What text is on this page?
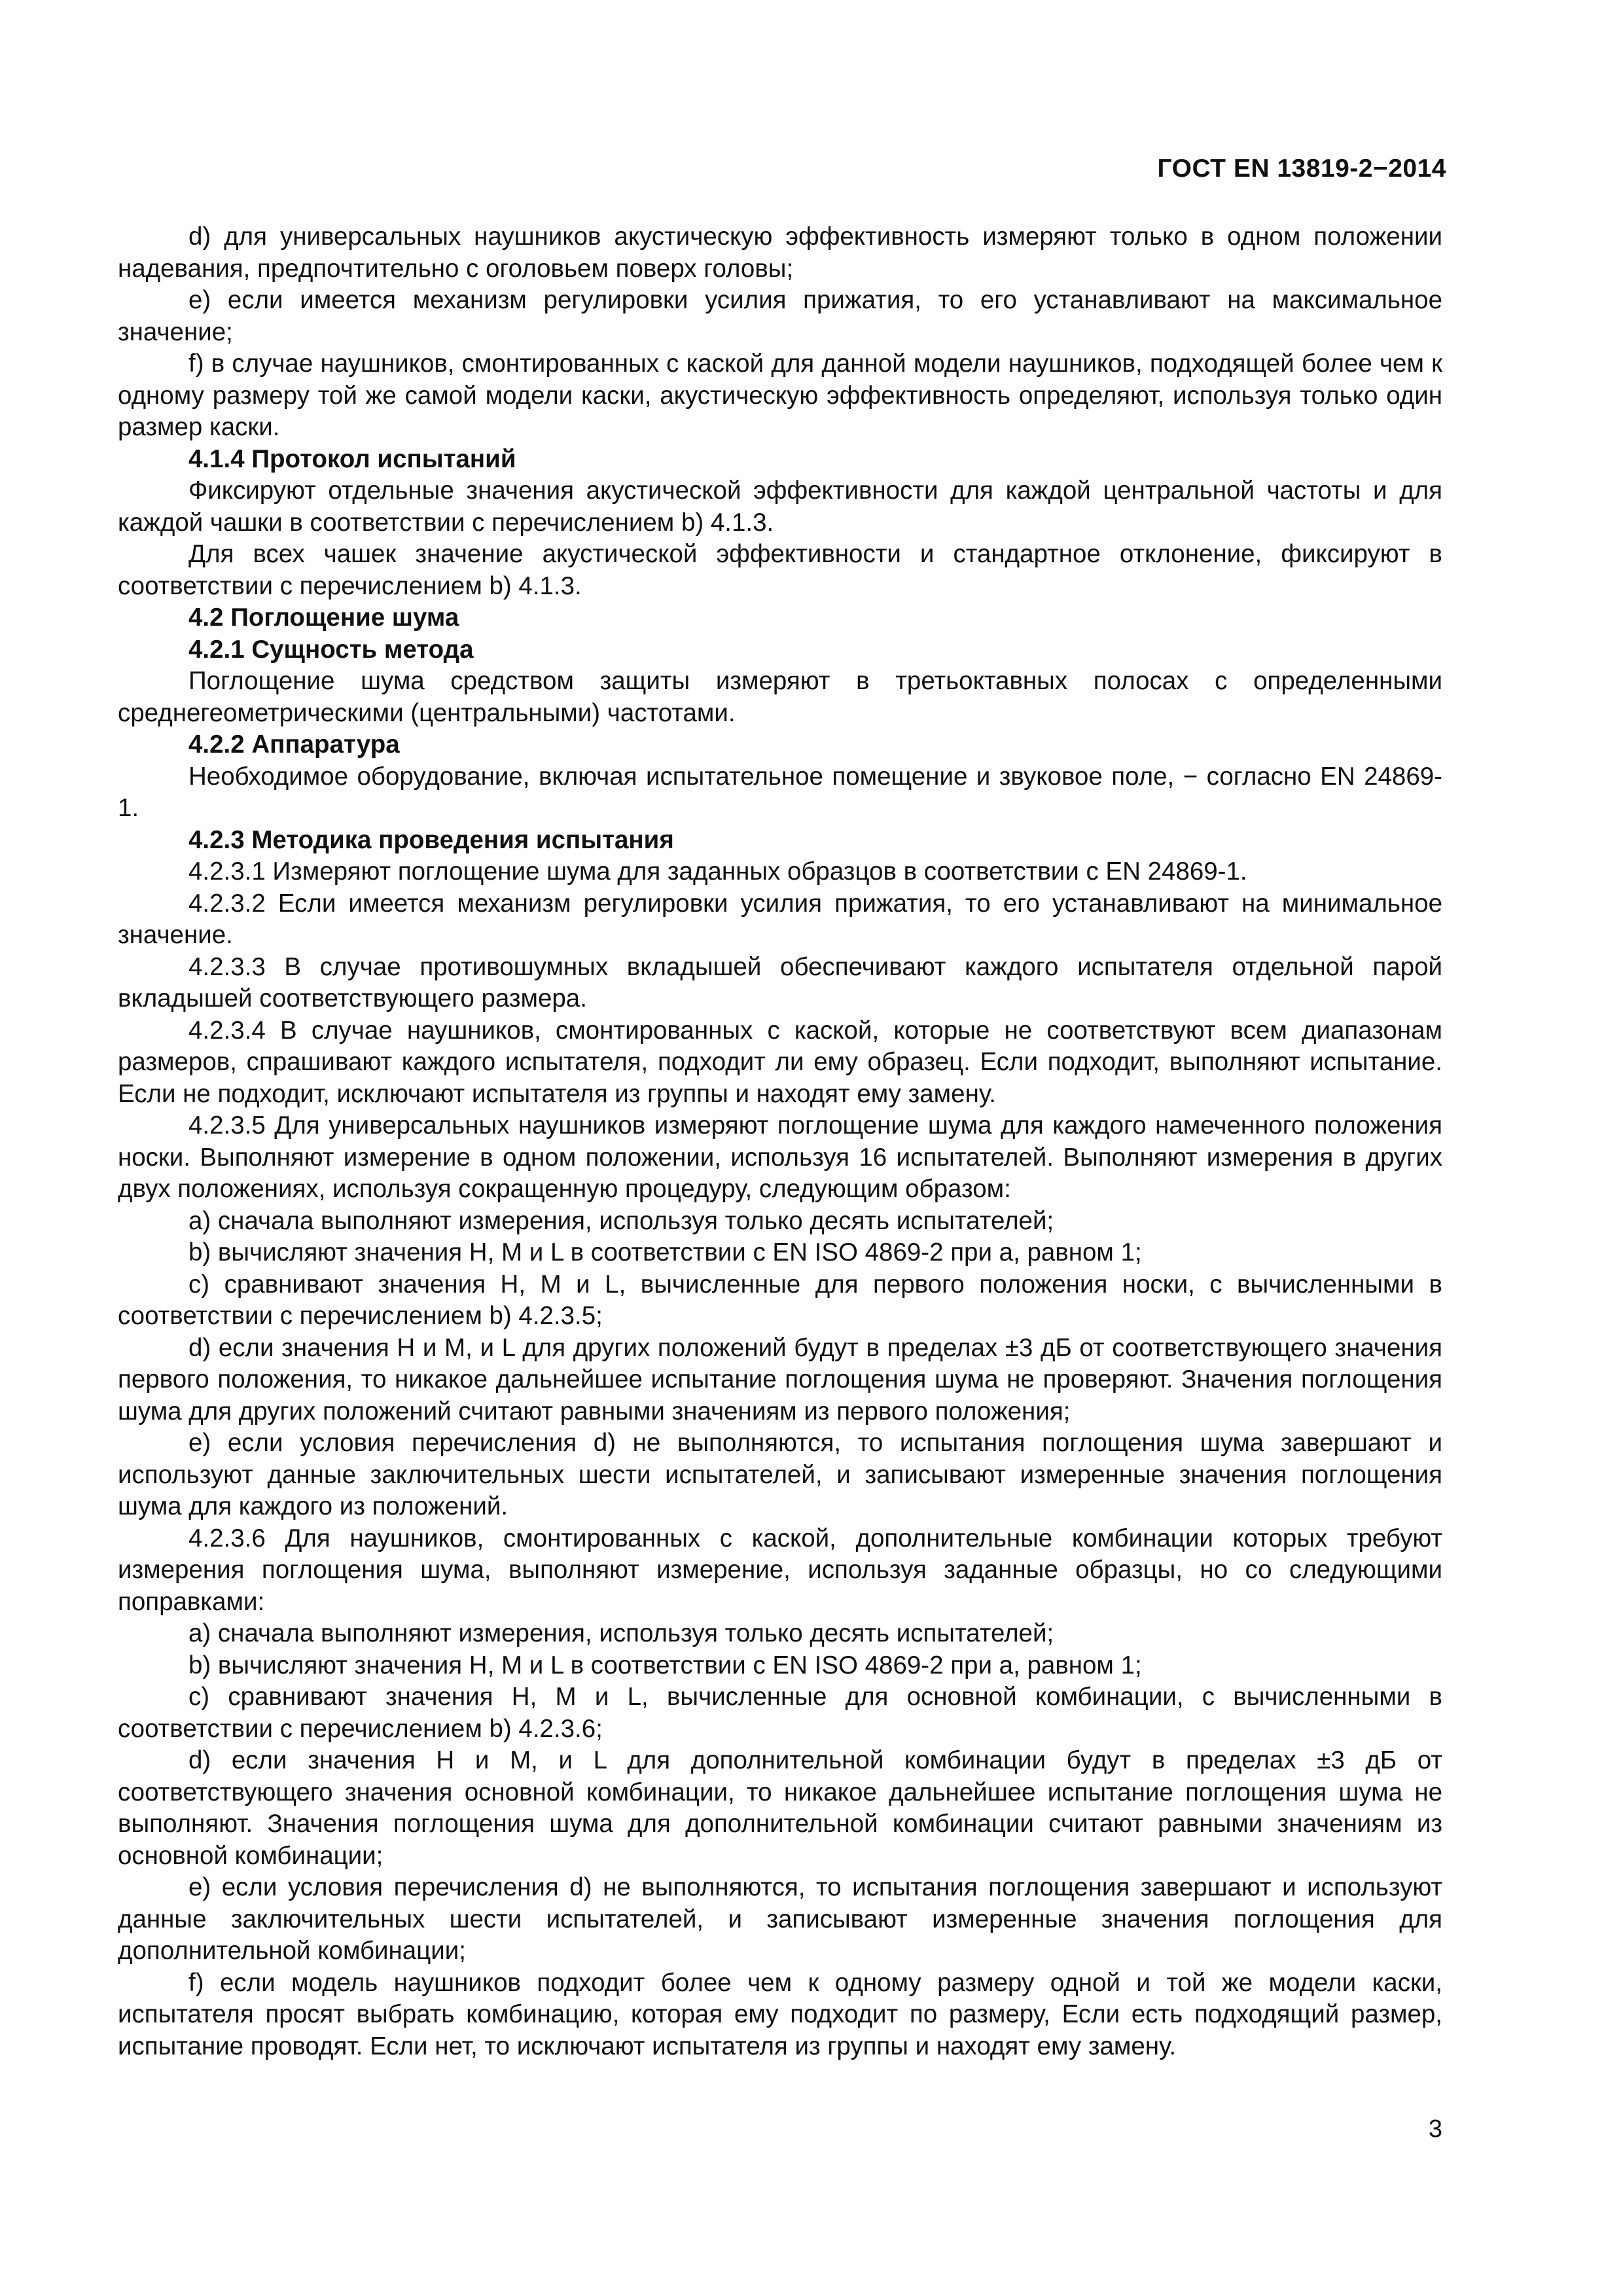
ГОСТ EN 13819-2−2014
d) для универсальных наушников акустическую эффективность измеряют только в одном положении надевания, предпочтительно с оголовьем поверх головы;
e) если имеется механизм регулировки усилия прижатия, то его устанавливают на максимальное значение;
f) в случае наушников, смонтированных с каской для данной модели наушников, подходящей более чем к одному размеру той же самой модели каски, акустическую эффективность определяют, используя только один размер каски.
4.1.4 Протокол испытаний
Фиксируют отдельные значения акустической эффективности для каждой центральной частоты и для каждой чашки в соответствии с перечислением b) 4.1.3.
Для всех чашек значение акустической эффективности и стандартное отклонение, фиксируют в соответствии с перечислением b) 4.1.3.
4.2 Поглощение шума
4.2.1 Сущность метода
Поглощение шума средством защиты измеряют в третьоктавных полосах с определенными среднегеометрическими (центральными) частотами.
4.2.2 Аппаратура
Необходимое оборудование, включая испытательное помещение и звуковое поле, − согласно EN 24869-1.
4.2.3 Методика проведения испытания
4.2.3.1 Измеряют поглощение шума для заданных образцов в соответствии с EN 24869-1.
4.2.3.2 Если имеется механизм регулировки усилия прижатия, то его устанавливают на минимальное значение.
4.2.3.3 В случае противошумных вкладышей обеспечивают каждого испытателя отдельной парой вкладышей соответствующего размера.
4.2.3.4 В случае наушников, смонтированных с каской, которые не соответствуют всем диапазонам размеров, спрашивают каждого испытателя, подходит ли ему образец. Если подходит, выполняют испытание. Если не подходит, исключают испытателя из группы и находят ему замену.
4.2.3.5 Для универсальных наушников измеряют поглощение шума для каждого намеченного положения носки. Выполняют измерение в одном положении, используя 16 испытателей. Выполняют измерения в других двух положениях, используя сокращенную процедуру, следующим образом:
a) сначала выполняют измерения, используя только десять испытателей;
b) вычисляют значения H, M и L в соответствии с EN ISO 4869-2 при a, равном 1;
c) сравнивают значения H, M и L, вычисленные для первого положения носки, с вычисленными в соответствии с перечислением b) 4.2.3.5;
d) если значения H и M, и L для других положений будут в пределах ±3 дБ от соответствующего значения первого положения, то никакое дальнейшее испытание поглощения шума не проверяют. Значения поглощения шума для других положений считают равными значениям из первого положения;
e) если условия перечисления d) не выполняются, то испытания поглощения шума завершают и используют данные заключительных шести испытателей, и записывают измеренные значения поглощения шума для каждого из положений.
4.2.3.6 Для наушников, смонтированных с каской, дополнительные комбинации которых требуют измерения поглощения шума, выполняют измерение, используя заданные образцы, но со следующими поправками:
a) сначала выполняют измерения, используя только десять испытателей;
b) вычисляют значения H, M и L в соответствии с EN ISO 4869-2 при a, равном 1;
c) сравнивают значения H, M и L, вычисленные для основной комбинации, с вычисленными в соответствии с перечислением b) 4.2.3.6;
d) если значения H и M, и L для дополнительной комбинации будут в пределах ±3 дБ от соответствующего значения основной комбинации, то никакое дальнейшее испытание поглощения шума не выполняют. Значения поглощения шума для дополнительной комбинации считают равными значениям из основной комбинации;
e) если условия перечисления d) не выполняются, то испытания поглощения завершают и используют данные заключительных шести испытателей, и записывают измеренные значения поглощения для дополнительной комбинации;
f) если модель наушников подходит более чем к одному размеру одной и той же модели каски, испытателя просят выбрать комбинацию, которая ему подходит по размеру, Если есть подходящий размер, испытание проводят. Если нет, то исключают испытателя из группы и находят ему замену.
3
